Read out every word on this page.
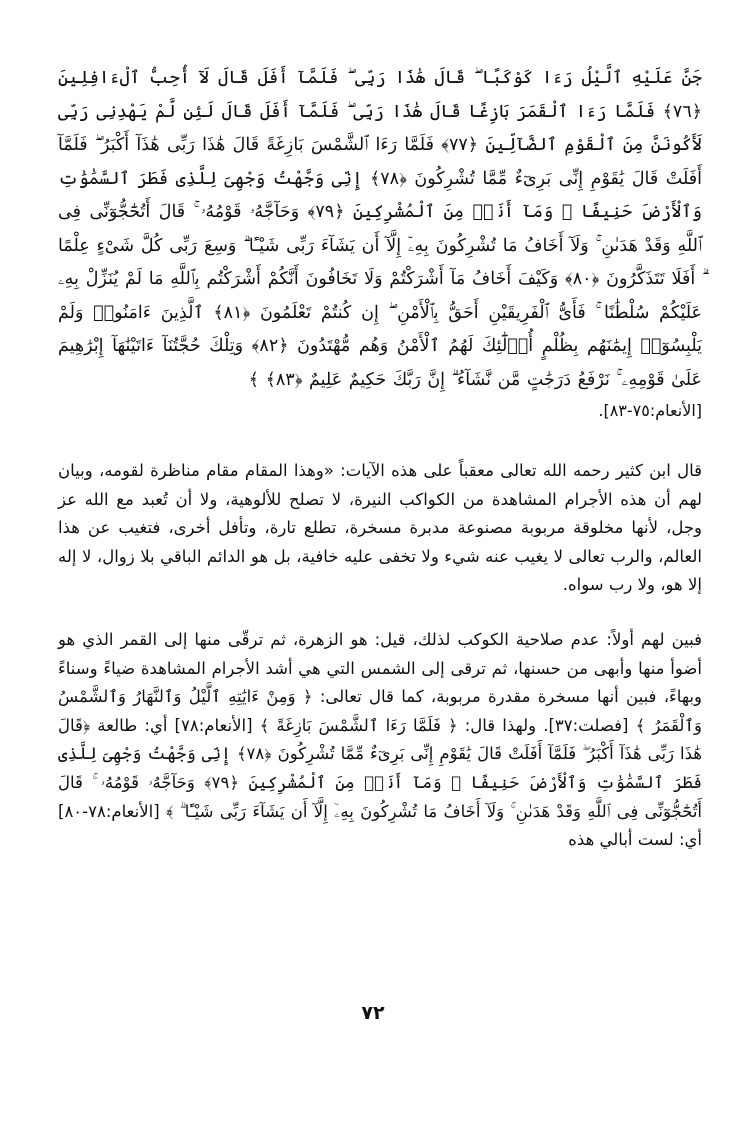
جَنَّ عَلَيْهِ ٱلَّيْلُ رَءَا كَوْكَبًا ۖ قَالَ هَٰذَا رَبِّى ۖ فَلَمَّآ أَفَلَ قَالَ لَآ أُحِبُّ ٱلْءَافِلِينَ ﴿٧٦﴾ فَلَمَّا رَءَا ٱلْقَمَرَ بَازِغًا قَالَ هَٰذَا رَبِّى ۖ فَلَمَّآ أَفَلَ قَالَ لَئِن لَّمْ يَهْدِنِى رَبِّى لَأَكُونَنَّ مِنَ ٱلْقَوْمِ ٱلضَّآلِّينَ ﴿٧٧﴾ فَلَمَّا رَءَا ٱلشَّمْسَ بَازِغَةً قَالَ هَٰذَا رَبِّى هَٰذَآ أَكْبَرُ ۖ فَلَمَّآ أَفَلَتْ قَالَ يَٰقَوْمِ إِنِّى بَرِىٓءٌ مِّمَّا تُشْرِكُونَ ﴿٧٨﴾ إِنِّى وَجَّهْتُ وَجْهِىَ لِلَّذِى فَطَرَ ٱلسَّمَٰوَٰتِ وَٱلْأَرْضَ حَنِيفًا ۖ وَمَآ أَنَا۠ مِنَ ٱلْمُشْرِكِينَ ﴿٧٩﴾ وَحَآجَّهُۥ قَوْمُهُۥ ۚ قَالَ أَتُحَٰٓجُّوٓنِّى فِى ٱللَّهِ وَقَدْ هَدَىٰنِ ۚ وَلَآ أَخَافُ مَا تُشْرِكُونَ بِهِۦٓ إِلَّآ أَن يَشَآءَ رَبِّى شَيْـًٔا ۗ وَسِعَ رَبِّى كُلَّ شَىْءٍ عِلْمًا ۗ أَفَلَا تَتَذَكَّرُونَ ﴿٨٠﴾ وَكَيْفَ أَخَافُ مَآ أَشْرَكْتُمْ وَلَا تَخَافُونَ أَنَّكُمْ أَشْرَكْتُم بِٱللَّهِ مَا لَمْ يُنَزِّلْ بِهِۦ عَلَيْكُمْ سُلْطَٰنًا ۚ فَأَىُّ ٱلْفَرِيقَيْنِ أَحَقُّ بِٱلْأَمْنِ ۖ إِن كُنتُمْ تَعْلَمُونَ ﴿٨١﴾ ٱلَّذِينَ ءَامَنُوا۟ وَلَمْ يَلْبِسُوٓا۟ إِيمَٰنَهُم بِظُلْمٍ أُو۟لَٰٓئِكَ لَهُمُ ٱلْأَمْنُ وَهُم مُّهْتَدُونَ ﴿٨٢﴾ وَتِلْكَ حُجَّتُنَآ ءَاتَيْنَٰهَآ إِبْرَٰهِيمَ عَلَىٰ قَوْمِهِۦ ۚ نَرْفَعُ دَرَجَٰتٍ مَّن نَّشَآءُ ۗ إِنَّ رَبَّكَ حَكِيمٌ عَلِيمٌ ﴿٨٣﴾ ﴾

[الأنعام:٧٥-٨٣].

قال ابن كثير رحمه الله تعالى معقباً على هذه الآيات: «وهذا المقام مقام مناظرة لقومه، وبيان لهم أن هذه الأجرام المشاهدة من الكواكب النيرة، لا تصلح للألوهية، ولا أن تُعبد مع الله عز وجل، لأنها مخلوقة مربوبة مصنوعة مدبرة مسخرة، تطلع تارة، وتأفل أخرى، فتغيب عن هذا العالم، والرب تعالى لا يغيب عنه شيء ولا تخفى عليه خافية، بل هو الدائم الباقي بلا زوال، لا إله إلا هو، ولا رب سواه.

فبين لهم أولاً: عدم صلاحية الكوكب لذلك، قيل: هو الزهرة، ثم ترقّى منها إلى القمر الذي هو أضوأ منها وأبهى من حسنها، ثم ترقى إلى الشمس التي هي أشد الأجرام المشاهدة ضياءً وسناءً وبهاءً، فبين أنها مسخرة مقدرة مربوبة، كما قال تعالى: ﴿ وَمِنْ ءَايَٰتِهِ ٱلَّيْلُ وَٱلنَّهَارُ وَٱلشَّمْسُ وَٱلْقَمَرُ ﴾ [فصلت:٣٧]. ولهذا قال: ﴿ فَلَمَّا رَءَا ٱلشَّمْسَ بَازِغَةً ﴾ [الأنعام:٧٨] أي: طالعة ﴿قَالَ هَٰذَا رَبِّى هَٰذَآ أَكْبَرُ ۖ فَلَمَّآ أَفَلَتْ قَالَ يَٰقَوْمِ إِنِّى بَرِىٓءٌ مِّمَّا تُشْرِكُونَ ﴿٧٨﴾ إِنِّى وَجَّهْتُ وَجْهِىَ لِلَّذِى فَطَرَ ٱلسَّمَٰوَٰتِ وَٱلْأَرْضَ حَنِيفًا ۖ وَمَآ أَنَا۠ مِنَ ٱلْمُشْرِكِينَ ﴿٧٩﴾ وَحَآجَّهُۥ قَوْمُهُۥ ۚ قَالَ أَتُحَٰٓجُّوٓنِّى فِى ٱللَّهِ وَقَدْ هَدَىٰنِ ۚ وَلَآ أَخَافُ مَا تُشْرِكُونَ بِهِۦٓ إِلَّآ أَن يَشَآءَ رَبِّى شَيْـًٔا ۗ ﴾ [الأنعام:٧٨-٨٠] أي: لست أبالي هذه

٧٢
